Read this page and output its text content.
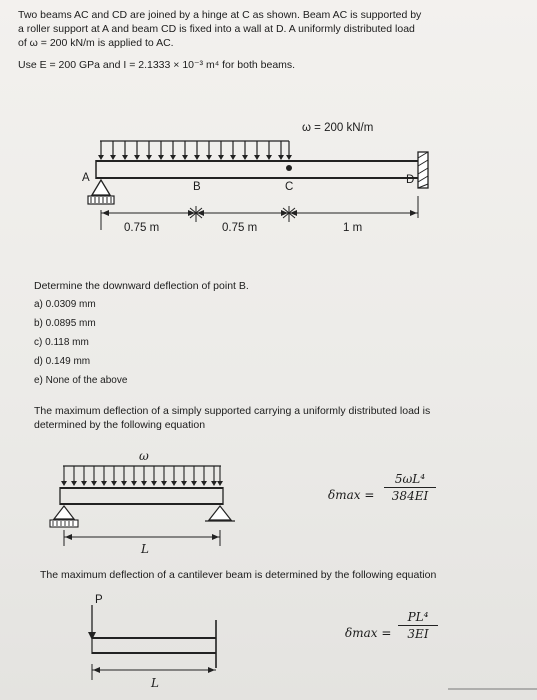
Two beams AC and CD are joined by a hinge at C as shown. Beam AC is supported by
a roller support at A and beam CD is fixed into a wall at D. A uniformly distributed load
of ω = 200 kN/m is applied to AC.
Use E = 200 GPa and I = 2.1333 × 10⁻³ m⁴ for both beams.
ω = 200 kN/m
A
B	C
D
0.75 m	0.75 m	1 m
Determine the downward deflection of point B.
a) 0.0309 mm
b) 0.0895 mm
c) 0.118 mm
d) 0.149 mm
e) None of the above
The maximum deflection of a simply supported carrying a uniformly distributed load is
determined by the following equation
ω
L
$\delta\max = \frac{\text{5ωL⁴}}{384EI}$
The maximum deflection of a cantilever beam is determined by the following equation
P
L
$\delta\max = \frac{\text{PL⁴}}{3EI}$
